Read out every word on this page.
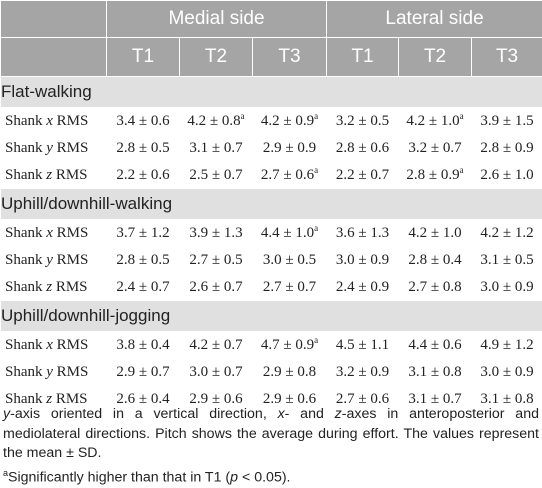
	Medial side			Lateral side		
	T1	T2	T3	T1	T2	T3
Flat-walking						
Shank x RMS	3.4 ± 0.6	4.2 ± 0.8$^a$	4.2 ± 0.9$^a$	3.2 ± 0.5	4.2 ± 1.0$^a$	3.9 ± 1.5
Shank y RMS	2.8 ± 0.5	3.1 ± 0.7	2.9 ± 0.9	2.8 ± 0.6	3.2 ± 0.7	2.8 ± 0.9
Shank z RMS	2.2 ± 0.6	2.5 ± 0.7	2.7 ± 0.6$^a$	2.2 ± 0.7	2.8 ± 0.9$^a$	2.6 ± 1.0
Uphill/downhill-walking						
Shank x RMS	3.7 ± 1.2	3.9 ± 1.3	4.4 ± 1.0$^a$	3.6 ± 1.3	4.2 ± 1.0	4.2 ± 1.2
Shank y RMS	2.8 ± 0.5	2.7 ± 0.5	3.0 ± 0.5	3.0 ± 0.9	2.8 ± 0.4	3.1 ± 0.5
Shank z RMS	2.4 ± 0.7	2.6 ± 0.7	2.7 ± 0.7	2.4 ± 0.9	2.7 ± 0.8	3.0 ± 0.9
Uphill/downhill-jogging						
Shank x RMS	3.8 ± 0.4	4.2 ± 0.7	4.7 ± 0.9$^a$	4.5 ± 1.1	4.4 ± 0.6	4.9 ± 1.2
Shank y RMS	2.9 ± 0.7	3.0 ± 0.7	2.9 ± 0.8	3.2 ± 0.9	3.1 ± 0.8	3.0 ± 0.9
Shank z RMS	2.6 ± 0.4	2.9 ± 0.6	2.9 ± 0.6	2.7 ± 0.6	3.1 ± 0.7	3.1 ± 0.8

y-axis oriented in a vertical direction, x- and z-axes in anteroposterior and mediolateral directions. Pitch shows the average during effort. The values represent the mean ± SD.

$^a$Significantly higher than that in T1 (p < 0.05).
